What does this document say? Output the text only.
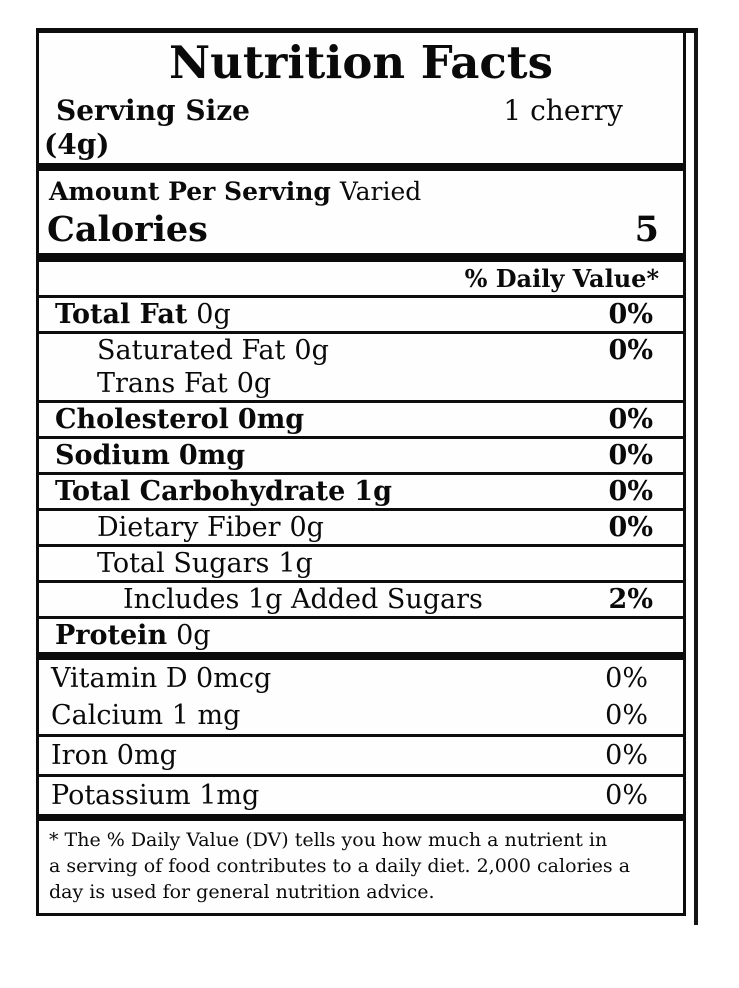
Nutrition Facts
Serving Size	1 cherry
(4g)
Amount Per Serving Varied
Calories	5
% Daily Value*
Total Fat 0g	0%
Saturated Fat 0g	0%
Trans Fat 0g
Cholesterol 0mg	0%
Sodium 0mg	0%
Total Carbohydrate 1g	0%
Dietary Fiber 0g	0%
Total Sugars 1g
Includes 1g Added Sugars	2%
Protein 0g
Vitamin D 0mcg	0%
Calcium 1 mg	0%
Iron 0mg	0%
Potassium 1mg	0%
* The % Daily Value (DV) tells you how much a nutrient in
a serving of food contributes to a daily diet. 2,000 calories a
day is used for general nutrition advice.
